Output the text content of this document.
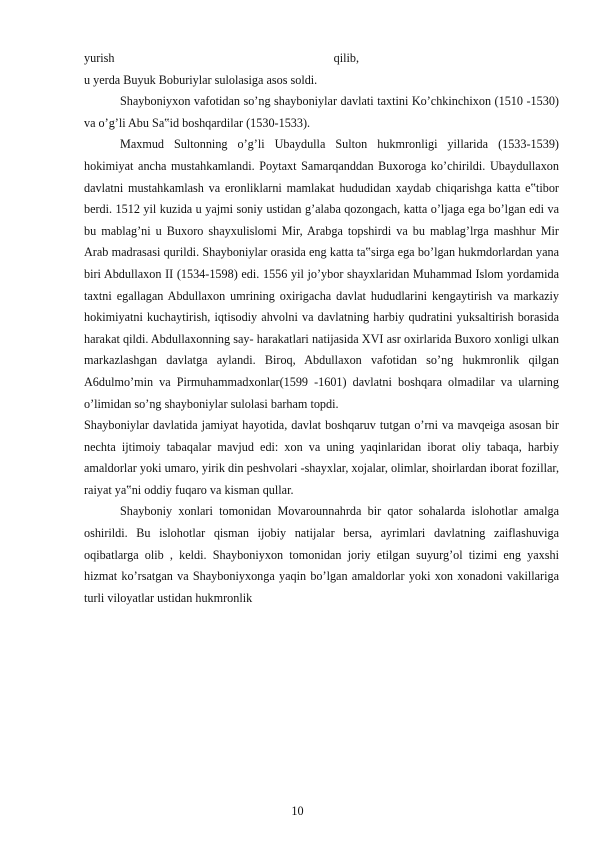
yurish	qilib,

u yerda Buyuk Boburiylar sulolasiga asos soldi.

Shayboniyxon vafotidan so’ng shayboniylar davlati taxtini Ko’chkinchixon (1510 -1530) va o’g’li Abu Sa‟id boshqardilar (1530-1533).

Maxmud Sultonning o’g’li Ubaydulla Sulton hukmronligi yillarida (1533-1539) hokimiyat ancha mustahkamlandi. Poytaxt Samarqanddan Buxoroga ko’chirildi. Ubaydullaxon davlatni mustahkamlash va eronliklarni mamlakat hududidan xaydab chiqarishga katta e‟tibor berdi. 1512 yil kuzida u yajmi soniy ustidan g’alaba qozongach, katta o’ljaga ega bo’lgan edi va bu mablag’ni u Buxoro shayxulislomi Mir, Arabga topshirdi va bu mablag’lrga mashhur Mir Arab madrasasi qurildi. Shayboniylar orasida eng katta ta‟sirga ega bo’lgan hukmdorlardan yana biri Abdullaxon II (1534-1598) edi. 1556 yil jo’ybor shayxlaridan Muhammad Islom yordamida taxtni egallagan Abdullaxon umrining oxirigacha davlat hududlarini kengaytirish va markaziy hokimiyatni kuchaytirish, iqtisodiy ahvolni va davlatning harbiy qudratini yuksaltirish borasida harakat qildi. Abdullaxonning say- harakatlari natijasida XVI asr oxirlarida Buxoro xonligi ulkan markazlashgan davlatga aylandi. Biroq, Abdullaxon vafotidan so’ng hukmronlik qilgan A6dulmo’min va Pirmuhammadxonlar(1599 -1601) davlatni boshqara olmadilar va ularning o’limidan so’ng shayboniylar sulolasi barham topdi.

Shayboniylar davlatida jamiyat hayotida, davlat boshqaruv tutgan o’rni va mavqeiga asosan bir nechta ijtimoiy tabaqalar mavjud edi: xon va uning yaqinlaridan iborat oliy tabaqa, harbiy amaldorlar yoki umaro, yirik din peshvolari -shayxlar, xojalar, olimlar, shoirlardan iborat fozillar, raiyat ya‟ni oddiy fuqaro va kisman qullar.

Shayboniy xonlari tomonidan Movarounnahrda bir qator sohalarda islohotlar amalga oshirildi. Bu islohotlar qisman ijobiy natijalar bersa, ayrimlari davlatning zaiflashuviga oqibatlarga olib , keldi. Shayboniyxon tomonidan joriy etilgan suyurg’ol tizimi eng yaxshi hizmat ko’rsatgan va Shayboniyxonga yaqin bo’lgan amaldorlar yoki xon xonadoni vakillariga turli viloyatlar ustidan hukmronlik

10
